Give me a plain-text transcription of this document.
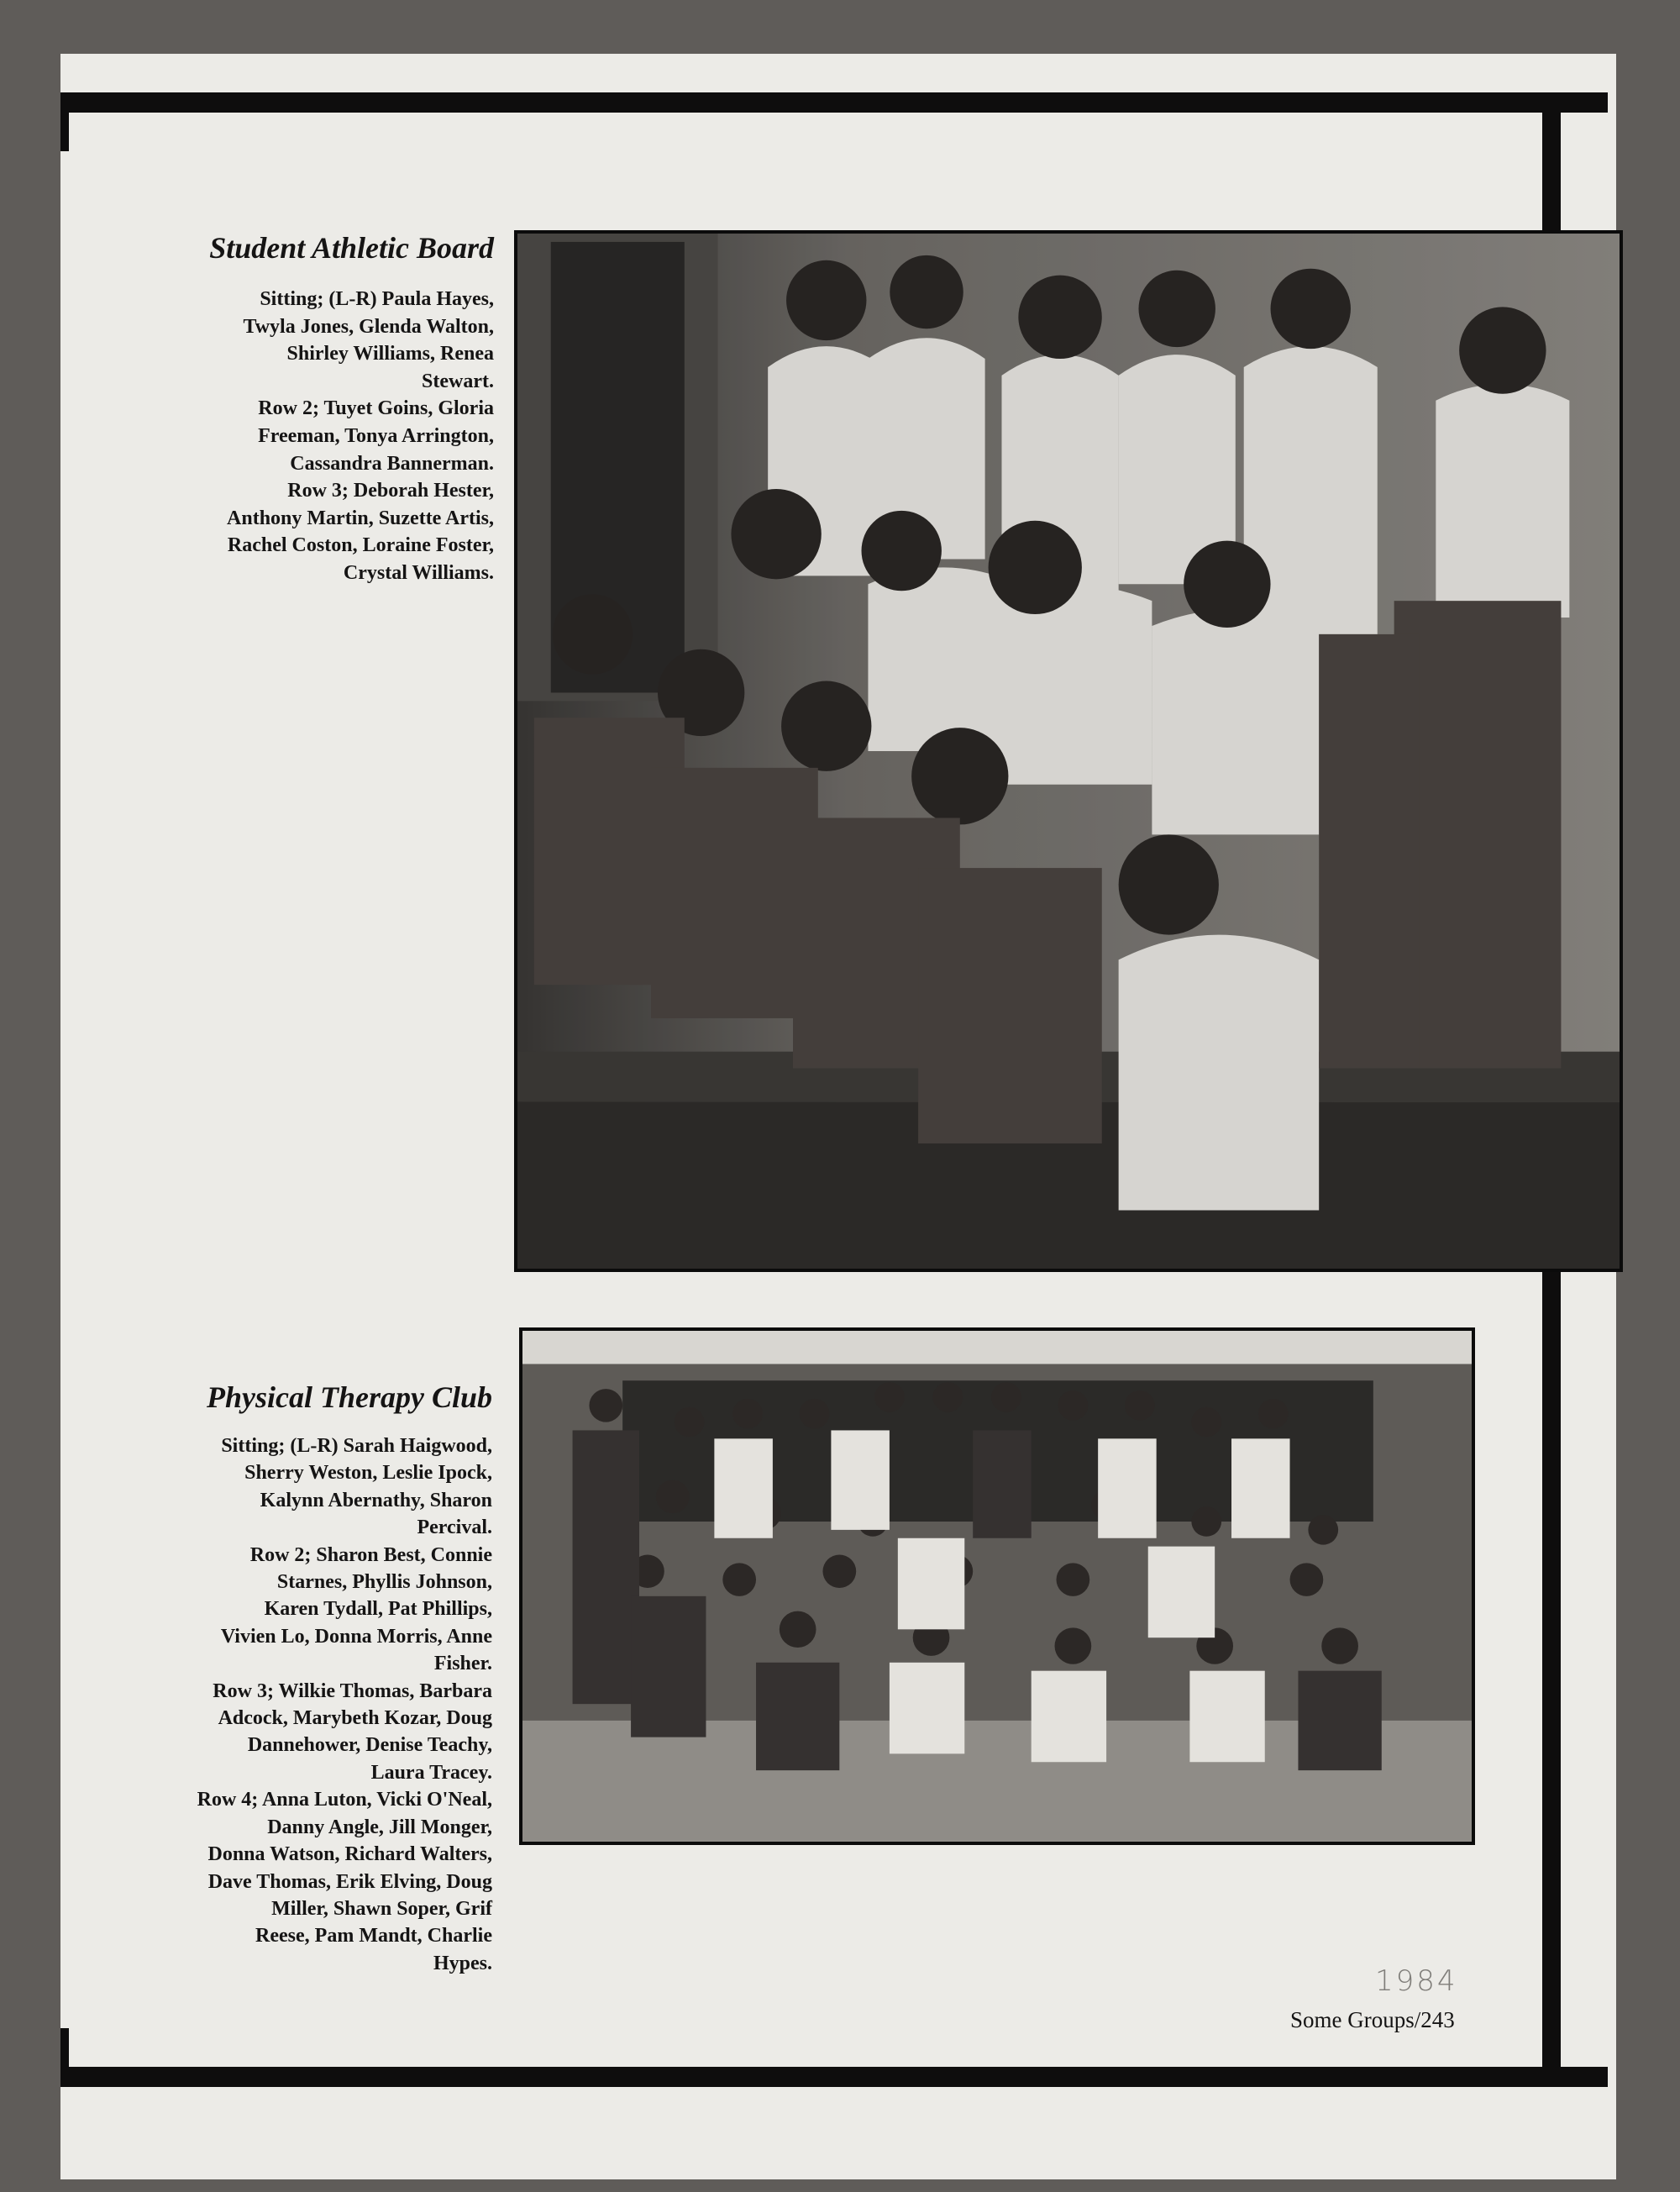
Student Athletic Board
Sitting; (L-R) Paula Hayes,
Twyla Jones, Glenda Walton,
Shirley Williams, Renea
Stewart.
Row 2; Tuyet Goins, Gloria
Freeman, Tonya Arrington,
Cassandra Bannerman.
Row 3; Deborah Hester,
Anthony Martin, Suzette Artis,
Rachel Coston, Loraine Foster,
Crystal Williams.
Physical Therapy Club
Sitting; (L-R) Sarah Haigwood,
Sherry Weston, Leslie Ipock,
Kalynn Abernathy, Sharon
Percival.
Row 2; Sharon Best, Connie
Starnes, Phyllis Johnson,
Karen Tydall, Pat Phillips,
Vivien Lo, Donna Morris, Anne
Fisher.
Row 3; Wilkie Thomas, Barbara
Adcock, Marybeth Kozar, Doug
Dannehower, Denise Teachy,
Laura Tracey.
Row 4; Anna Luton, Vicki O'Neal,
Danny Angle, Jill Monger,
Donna Watson, Richard Walters,
Dave Thomas, Erik Elving, Doug
Miller, Shawn Soper, Grif
Reese, Pam Mandt, Charlie
Hypes.
1984
Some Groups/243
